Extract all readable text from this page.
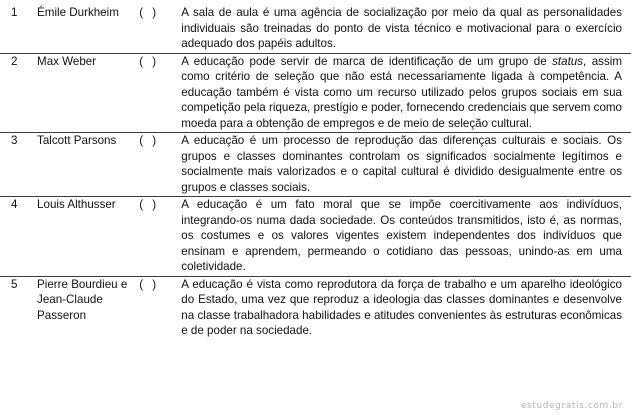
1	Émile Durkheim	( )	A sala de aula é uma agência de socialização por meio da qual as personalidades individuais são treinadas do ponto de vista técnico e motivacional para o exercício adequado dos papéis adultos.
2	Max Weber	( )	A educação pode servir de marca de identificação de um grupo de status, assim como critério de seleção que não está necessariamente ligada à competência. A educação também é vista como um recurso utilizado pelos grupos sociais em sua competição pela riqueza, prestígio e poder, fornecendo credenciais que servem como moeda para a obtenção de empregos e de meio de seleção cultural.
3	Talcott Parsons	( )	A educação é um processo de reprodução das diferenças culturais e sociais. Os grupos e classes dominantes controlam os significados socialmente legítimos e socialmente mais valorizados e o capital cultural é dividido desigualmente entre os grupos e classes sociais.
4	Louis Althusser	( )	A educação é um fato moral que se impõe coercitivamente aos indivíduos, integrando-os numa dada sociedade. Os conteúdos transmitidos, isto é, as normas, os costumes e os valores vigentes existem independentes dos indivíduos que ensinam e aprendem, permeando o cotidiano das pessoas, unindo-as em uma coletividade.
5	Pierre Bourdieu e Jean-Claude Passeron	( )	A educação é vista como reprodutora da força de trabalho e um aparelho ideológico do Estado, uma vez que reproduz a ideologia das classes dominantes e desenvolve na classe trabalhadora habilidades e atitudes convenientes às estruturas econômicas e de poder na sociedade.
estudegratis.com.br
